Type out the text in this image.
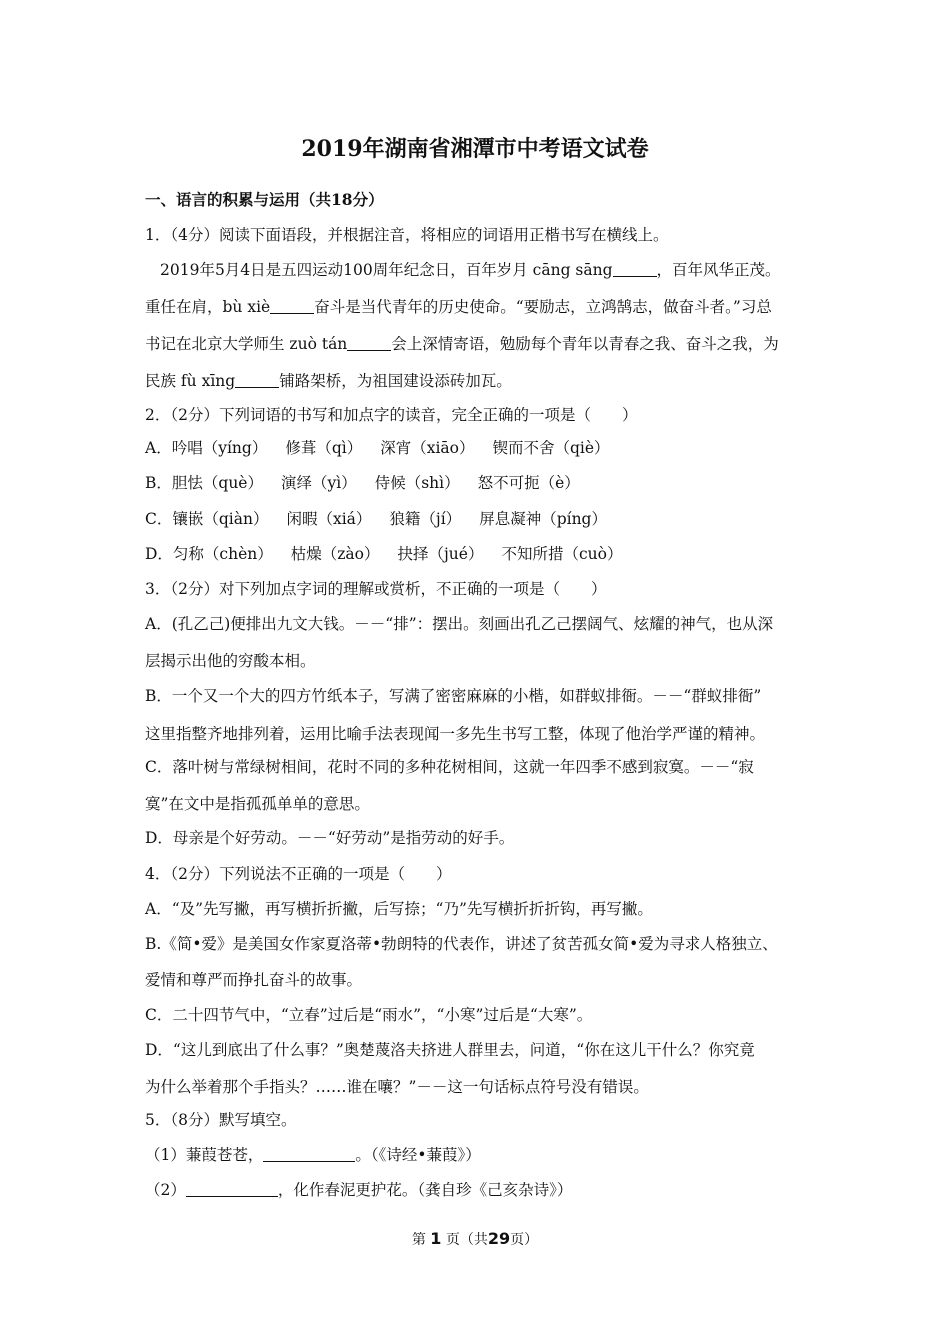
2019年湖南省湘潭市中考语文试卷
一、语言的积累与运用（共18分）
1．（4分）阅读下面语段，并根据注音，将相应的词语用正楷书写在横线上。
2019年5月4日是五四运动100周年纪念日，百年岁月 cāng sāng	，百年风华正茂。
重任在肩，bù xiè	奋斗是当代青年的历史使命。“要励志，立鸿鹄志，做奋斗者。”习总
书记在北京大学师生 zuò tán	会上深情寄语，勉励每个青年以青春之我、奋斗之我，为
民族 fù xīng	铺路架桥，为祖国建设添砖加瓦。
2．（2分）下列词语的书写和加点字的读音，完全正确的一项是（　　）
A．吟唱（yíng） 修葺（qì） 深宵（xiāo） 锲而不舍（qiè）
B．胆怯（què） 演绎（yì） 侍候（shì） 怒不可扼（è）
C．镶嵌（qiàn） 闲暇（xiá） 狼籍（jí） 屏息凝神（píng）
D．匀称（chèn） 枯燥（zào） 抉择（jué） 不知所措（cuò）
3．（2分）对下列加点字词的理解或赏析，不正确的一项是（　　）
A．(孔乙己)便排出九文大钱。－－“排”：摆出。刻画出孔乙己摆阔气、炫耀的神气，也从深
层揭示出他的穷酸本相。
B．一个又一个大的四方竹纸本子，写满了密密麻麻的小楷，如群蚁排衙。－－“群蚁排衙”
这里指整齐地排列着，运用比喻手法表现闻一多先生书写工整，体现了他治学严谨的精神。
C．落叶树与常绿树相间，花时不同的多种花树相间，这就一年四季不感到寂寞。－－“寂
寞”在文中是指孤孤单单的意思。
D．母亲是个好劳动。－－“好劳动”是指劳动的好手。
4．（2分）下列说法不正确的一项是（　　）
A．“及”先写撇，再写横折折撇，后写捺；“乃”先写横折折折钩，再写撇。
B.《简•爱》是美国女作家夏洛蒂•勃朗特的代表作，讲述了贫苦孤女简•爱为寻求人格独立、
爱情和尊严而挣扎奋斗的故事。
C．二十四节气中，“立春”过后是“雨水”，“小寒”过后是“大寒”。
D．“这儿到底出了什么事？”奥楚蔑洛夫挤进人群里去，问道，“你在这儿干什么？你究竟
为什么举着那个手指头？……谁在嚷？”－－这一句话标点符号没有错误。
5．（8分）默写填空。
（1）蒹葭苍苍，	。（《诗经•蒹葭》）
（2）	，化作春泥更护花。（龚自珍《己亥杂诗》）
第 1 页（共29页）
